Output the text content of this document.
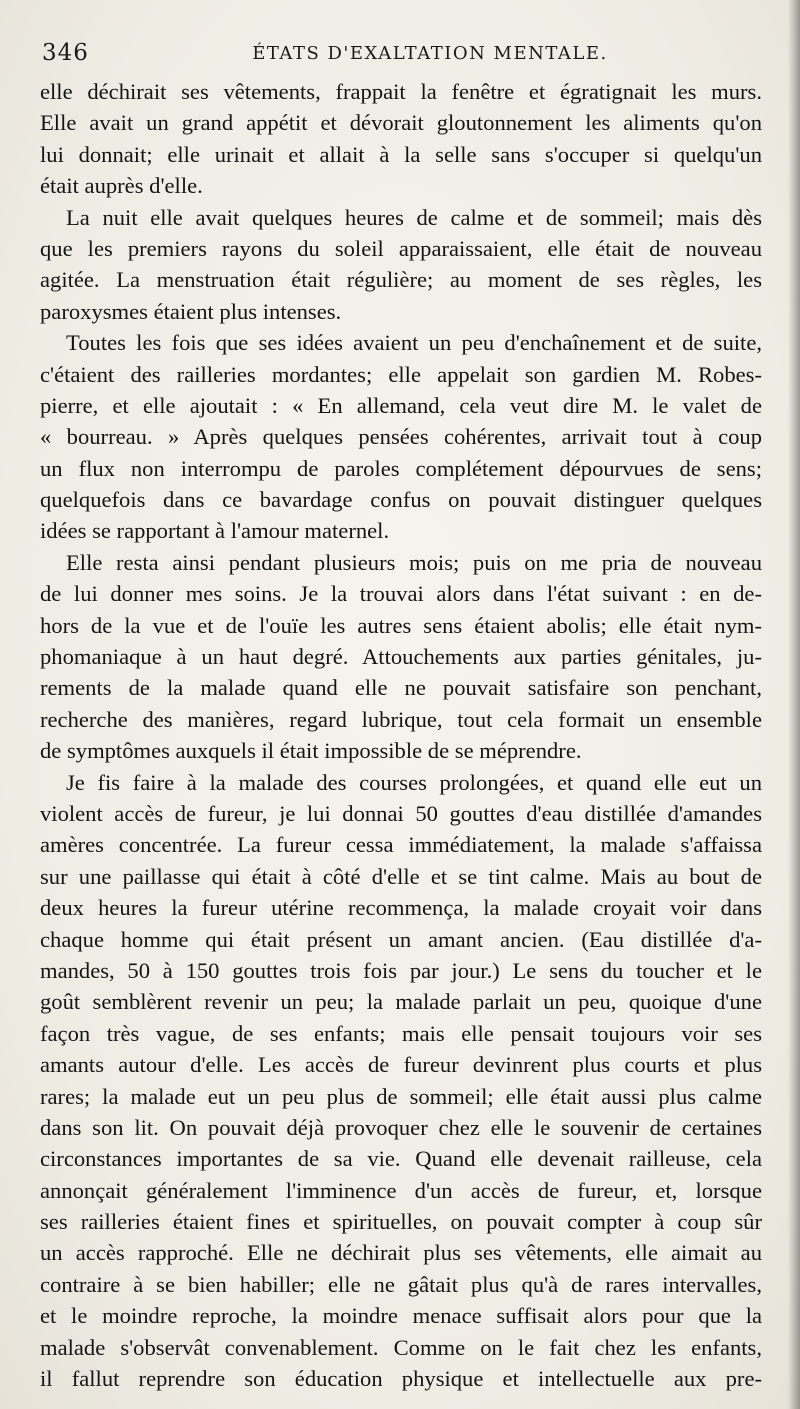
346	ÉTATS D'EXALTATION MENTALE.
elle déchirait ses vêtements, frappait la fenêtre et égratignait les murs.
Elle avait un grand appétit et dévorait gloutonnement les aliments qu'on
lui donnait; elle urinait et allait à la selle sans s'occuper si quelqu'un
était auprès d'elle.
La nuit elle avait quelques heures de calme et de sommeil; mais dès
que les premiers rayons du soleil apparaissaient, elle était de nouveau
agitée. La menstruation était régulière; au moment de ses règles, les
paroxysmes étaient plus intenses.
Toutes les fois que ses idées avaient un peu d'enchaînement et de suite,
c'étaient des railleries mordantes; elle appelait son gardien M. Robes-
pierre, et elle ajoutait : « En allemand, cela veut dire M. le valet de
« bourreau. » Après quelques pensées cohérentes, arrivait tout à coup
un flux non interrompu de paroles complétement dépourvues de sens;
quelquefois dans ce bavardage confus on pouvait distinguer quelques
idées se rapportant à l'amour maternel.
Elle resta ainsi pendant plusieurs mois; puis on me pria de nouveau
de lui donner mes soins. Je la trouvai alors dans l'état suivant : en de-
hors de la vue et de l'ouïe les autres sens étaient abolis; elle était nym-
phomaniaque à un haut degré. Attouchements aux parties génitales, ju-
rements de la malade quand elle ne pouvait satisfaire son penchant,
recherche des manières, regard lubrique, tout cela formait un ensemble
de symptômes auxquels il était impossible de se méprendre.
Je fis faire à la malade des courses prolongées, et quand elle eut un
violent accès de fureur, je lui donnai 50 gouttes d'eau distillée d'amandes
amères concentrée. La fureur cessa immédiatement, la malade s'affaissa
sur une paillasse qui était à côté d'elle et se tint calme. Mais au bout de
deux heures la fureur utérine recommença, la malade croyait voir dans
chaque homme qui était présent un amant ancien. (Eau distillée d'a-
mandes, 50 à 150 gouttes trois fois par jour.) Le sens du toucher et le
goût semblèrent revenir un peu; la malade parlait un peu, quoique d'une
façon très vague, de ses enfants; mais elle pensait toujours voir ses
amants autour d'elle. Les accès de fureur devinrent plus courts et plus
rares; la malade eut un peu plus de sommeil; elle était aussi plus calme
dans son lit. On pouvait déjà provoquer chez elle le souvenir de certaines
circonstances importantes de sa vie. Quand elle devenait railleuse, cela
annonçait généralement l'imminence d'un accès de fureur, et, lorsque
ses railleries étaient fines et spirituelles, on pouvait compter à coup sûr
un accès rapproché. Elle ne déchirait plus ses vêtements, elle aimait au
contraire à se bien habiller; elle ne gâtait plus qu'à de rares intervalles,
et le moindre reproche, la moindre menace suffisait alors pour que la
malade s'observât convenablement. Comme on le fait chez les enfants,
il fallut reprendre son éducation physique et intellectuelle aux pre-
